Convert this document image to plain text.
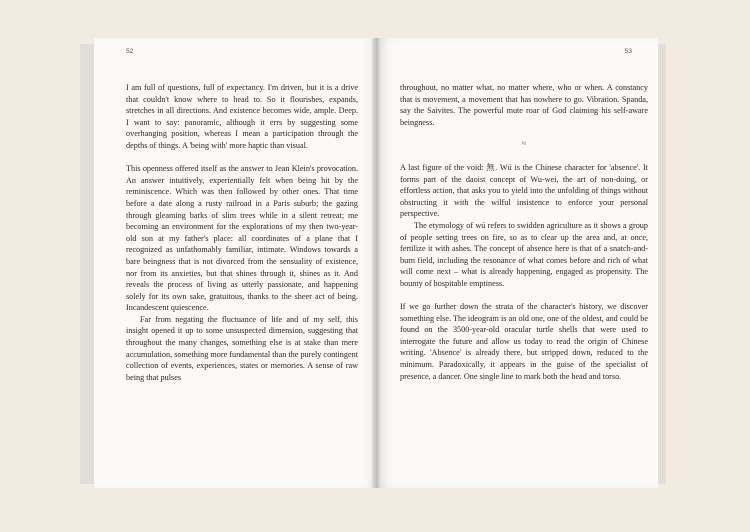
52

I am full of questions, full of expectancy. I'm driven, but it is a drive that couldn't know where to head to. So it flourishes, expands, stretches in all directions. And existence becomes wide, ample. Deep. I want to say: panoramic, although it errs by suggesting some overhanging position, whereas I mean a participation through the depths of things. A 'being with' more haptic than visual.

This openness offered itself as the answer to Jean Klein's provocation. An answer intuitively, experientially felt when being hit by the reminiscence. Which was then followed by other ones. That time before a date along a rusty railroad in a Paris suburb; the gazing through gleaming barks of slim trees while in a silent retreat; me becoming an environment for the explorations of my then two-year-old son at my father's place: all coordinates of a plane that I recognized as unfathomably familiar, intimate. Windows towards a bare beingness that is not divorced from the sensuality of existence, nor from its anxieties, but that shines through it, shines as it. And reveals the process of living as utterly passionate, and happening solely for its own sake, gratuitous, thanks to the sheer act of being. Incandescent quiescence.

Far from negating the fluctuance of life and of my self, this insight opened it up to some unsuspected dimension, suggesting that throughout the many changes, something else is at stake than mere accumulation, something more fundamental than the purely contingent collection of events, experiences, states or memories. A sense of raw being that pulses

53

throughout, no matter what, no matter where, who or when. A constancy that is movement, a movement that has nowhere to go. Vibration. Spanda, say the Saivites. The powerful mute roar of God claiming his self-aware beingness.

≈

A last figure of the void: 無. Wú is the Chinese character for 'absence'. It forms part of the daoist concept of Wu-wei, the art of non-doing, or effortless action, that asks you to yield into the unfolding of things without obstructing it with the wilful insistence to enforce your personal perspective.

The etymology of wú refers to swidden agriculture as it shows a group of people setting trees on fire, so as to clear up the area and, at once, fertilize it with ashes. The concept of absence here is that of a snatch-and-burn field, including the resonance of what comes before and rich of what will come next – what is already happening, engaged as propensity. The bounty of hospitable emptiness.

If we go further down the strata of the character's history, we discover something else. The ideogram is an old one, one of the oldest, and could be found on the 3500-year-old oracular turtle shells that were used to interrogate the future and allow us today to read the origin of Chinese writing. 'Absence' is already there, but stripped down, reduced to the minimum. Paradoxically, it appears in the guise of the specialist of presence, a dancer. One single line to mark both the head and torso.
